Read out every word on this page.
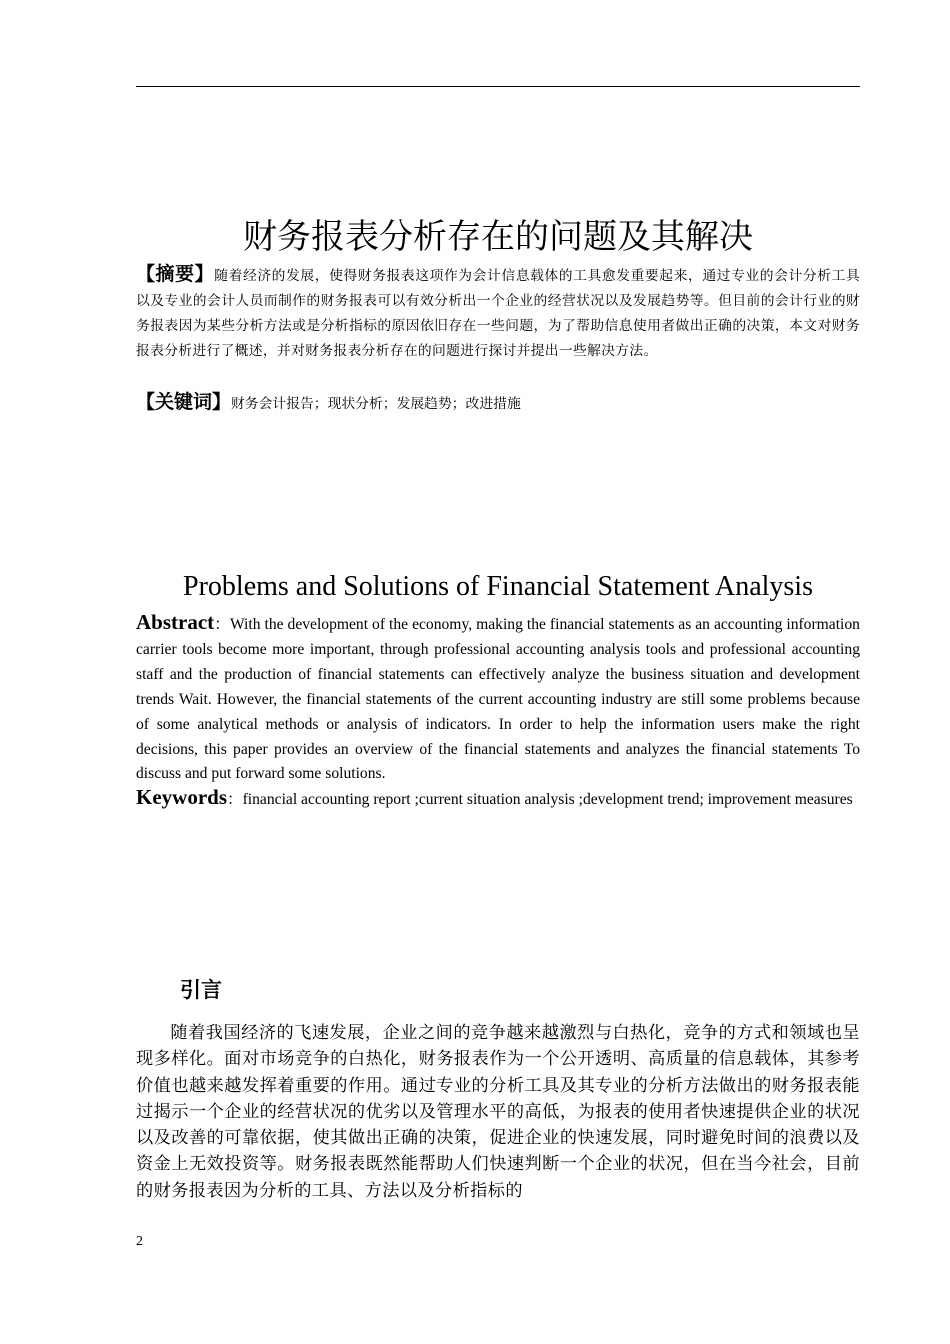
财务报表分析存在的问题及其解决
【摘要】随着经济的发展，使得财务报表这项作为会计信息载体的工具愈发重要起来，通过专业的会计分析工具以及专业的会计人员而制作的财务报表可以有效分析出一个企业的经营状况以及发展趋势等。但目前的会计行业的财务报表因为某些分析方法或是分析指标的原因依旧存在一些问题，为了帮助信息使用者做出正确的决策，本文对财务报表分析进行了概述，并对财务报表分析存在的问题进行探讨并提出一些解决方法。
【关键词】财务会计报告；现状分析；发展趋势；改进措施
Problems and Solutions of Financial Statement Analysis
Abstract：With the development of the economy, making the financial statements as an accounting information carrier tools become more important, through professional accounting analysis tools and professional accounting staff and the production of financial statements can effectively analyze the business situation and development trends Wait. However, the financial statements of the current accounting industry are still some problems because of some analytical methods or analysis of indicators. In order to help the information users make the right decisions, this paper provides an overview of the financial statements and analyzes the financial statements To discuss and put forward some solutions.
Keywords：financial accounting report ;current situation analysis ;development trend; improvement measures
引言

随着我国经济的飞速发展，企业之间的竞争越来越激烈与白热化，竞争的方式和领域也呈现多样化。面对市场竞争的白热化，财务报表作为一个公开透明、高质量的信息载体，其参考价值也越来越发挥着重要的作用。通过专业的分析工具及其专业的分析方法做出的财务报表能过揭示一个企业的经营状况的优劣以及管理水平的高低，为报表的使用者快速提供企业的状况以及改善的可靠依据，使其做出正确的决策，促进企业的快速发展，同时避免时间的浪费以及资金上无效投资等。财务报表既然能帮助人们快速判断一个企业的状况，但在当今社会，目前的财务报表因为分析的工具、方法以及分析指标的

2
